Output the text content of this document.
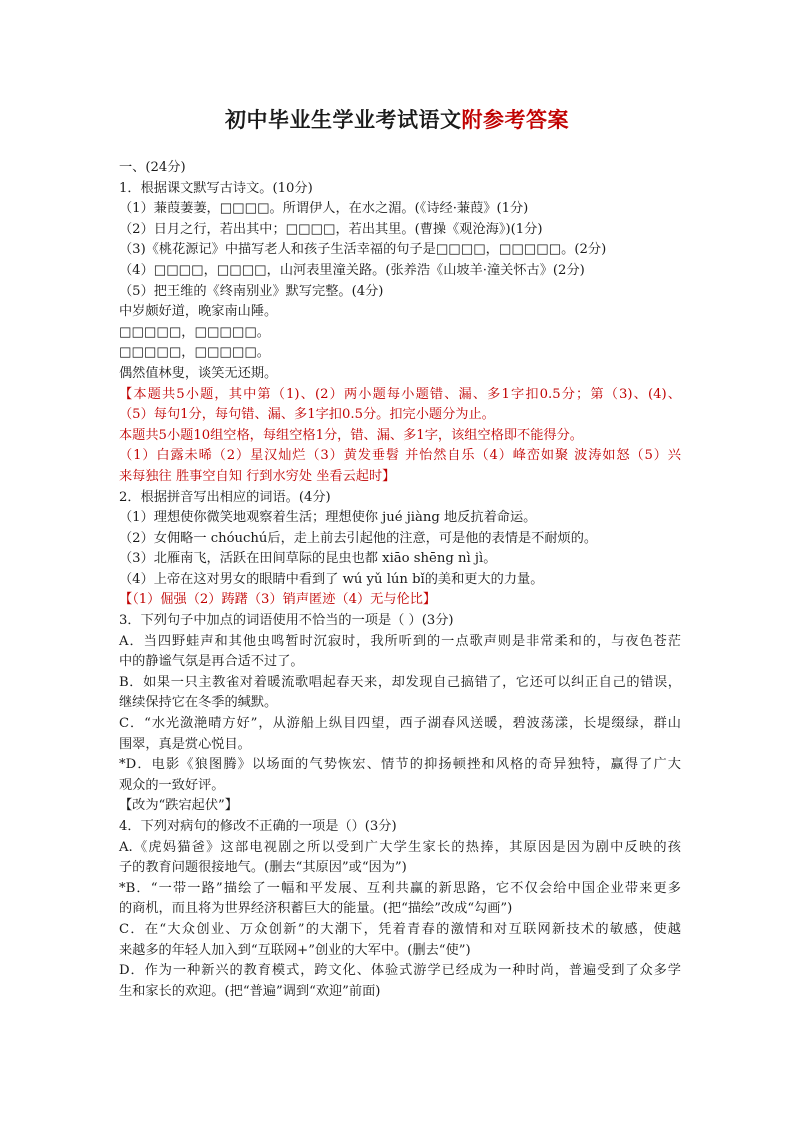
初中毕业生学业考试语文附参考答案
一、(24分)
1．根据课文默写古诗文。(10分)
（1）蒹葭萋萋，□□□□。所谓伊人，在水之湄。(《诗经·蒹葭》(1分)
（2）日月之行，若出其中；□□□□，若出其里。(曹操《观沧海》)(1分)
（3)《桃花源记》中描写老人和孩子生活幸福的句子是□□□□，□□□□□。(2分)
（4）□□□□，□□□□，山河表里潼关路。(张养浩《山坡羊·潼关怀古》(2分)
（5）把王维的《终南别业》默写完整。(4分)
中岁颇好道，晚家南山陲。
□□□□□，□□□□□。
□□□□□，□□□□□。
偶然值林叟，谈笑无还期。
【本题共5小题，其中第（1)、(2）两小题每小题错、漏、多1字扣0.5分；第（3)、(4)、
（5）每句1分，每句错、漏、多1字扣0.5分。扣完小题分为止。
本题共5小题10组空格，每组空格1分，错、漏、多1字，该组空格即不能得分。
（1）白露未晞（2）星汉灿烂（3）黄发垂髫 并怡然自乐（4）峰峦如聚 波涛如怒（5）兴
来每独往 胜事空自知 行到水穷处 坐看云起时】
2．根据拼音写出相应的词语。(4分)
（1）理想使你微笑地观察着生活；理想使你 jué jiàng 地反抗着命运。
（2）女佣略一 chóuchú后，走上前去引起他的注意，可是他的表情是不耐烦的。
（3）北雁南飞，活跃在田间草际的昆虫也都 xiāo shēng nì jì。
（4）上帝在这对男女的眼睛中看到了 wú yǔ lún bǐ的美和更大的力量。
【（1）倔强（2）踌躇（3）销声匿迹（4）无与伦比】
3．下列句子中加点的词语使用不恰当的一项是（ ）(3分)
A．当四野蛙声和其他虫鸣暂时沉寂时，我所听到的一点歌声则是非常柔和的，与夜色苍茫
中的静谧气氛是再合适不过了。
B．如果一只主教雀对着暖流歌唱起春天来，却发现自己搞错了，它还可以纠正自己的错误，
继续保持它在冬季的缄默。
C．“水光潋滟晴方好”，从游船上纵目四望，西子湖春风送暖，碧波荡漾，长堤缀绿，群山
围翠，真是赏心悦目。
*D．电影《狼图腾》以场面的气势恢宏、情节的抑扬顿挫和风格的奇异独特，赢得了广大
观众的一致好评。
【改为“跌宕起伏”】
4．下列对病句的修改不正确的一项是（）(3分)
A.《虎妈猫爸》这部电视剧之所以受到广大学生家长的热捧，其原因是因为剧中反映的孩
子的教育问题很接地气。(删去“其原因”或“因为”)
*B．“一带一路”描绘了一幅和平发展、互利共赢的新思路，它不仅会给中国企业带来更多
的商机，而且将为世界经济积蓄巨大的能量。(把“描绘”改成“勾画”)
C．在“大众创业、万众创新”的大潮下，凭着青春的激情和对互联网新技术的敏感，使越
来越多的年轻人加入到“互联网+”创业的大军中。(删去“使”)
D．作为一种新兴的教育模式，跨文化、体验式游学已经成为一种时尚，普遍受到了众多学
生和家长的欢迎。(把“普遍”调到“欢迎”前面)
